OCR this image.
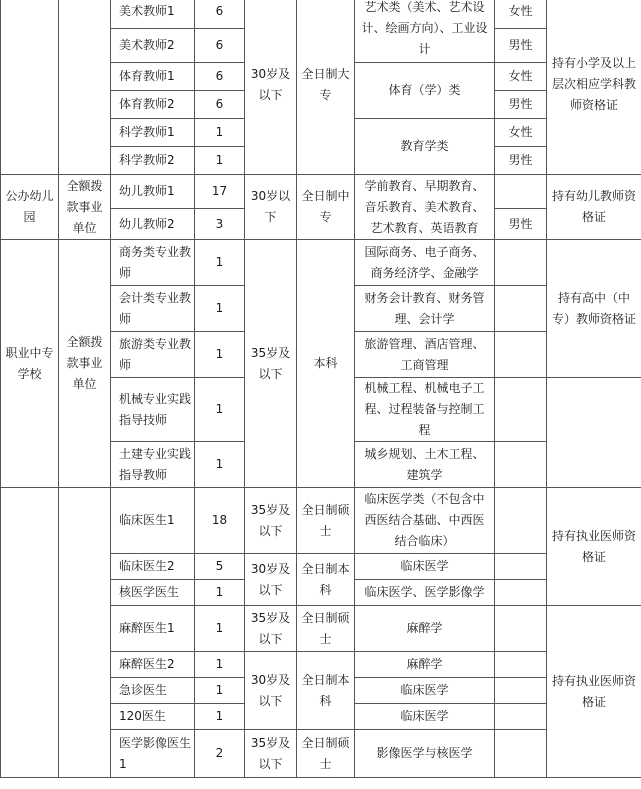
		美术教师1	6	30岁及以下	全日制大专	艺术类（美术、艺术设计、绘画方向）、工业设计	女性	持有小学及以上层次相应学科教师资格证
		美术教师2	6				男性	
		体育教师1	6			体育（学）类	女性	
		体育教师2	6				男性	
		科学教师1	1			教育学类	女性	
		科学教师2	1				男性	
公办幼儿园	全额拨款事业单位	幼儿教师1	17	30岁以下	全日制中专	学前教育、早期教育、音乐教育、美术教育、艺术教育、英语教育		持有幼儿教师资格证
		幼儿教师2	3				男性	
职业中专学校	全额拨款事业单位	商务类专业教师	1	35岁及以下	本科	国际商务、电子商务、商务经济学、金融学		持有高中（中专）教师资格证
		会计类专业教师	1			财务会计教育、财务管理、会计学		
		旅游类专业教师	1			旅游管理、酒店管理、工商管理		
		机械专业实践指导技师	1			机械工程、机械电子工程、过程装备与控制工程		
		土建专业实践指导教师	1			城乡规划、土木工程、建筑学		
		临床医生1	18	35岁及以下	全日制硕士	临床医学类（不包含中西医结合基础、中西医结合临床）		持有执业医师资格证
		临床医生2	5	30岁及以下	全日制本科	临床医学		
		核医学医生	1			临床医学、医学影像学		
		麻醉医生1	1	35岁及以下	全日制硕士	麻醉学		持有执业医师资格证
		麻醉医生2	1	30岁及以下	全日制本科	麻醉学		
		急诊医生	1			临床医学		
		120医生	1			临床医学		
		医学影像医生1	2	35岁及以下	全日制硕士	影像医学与核医学		
